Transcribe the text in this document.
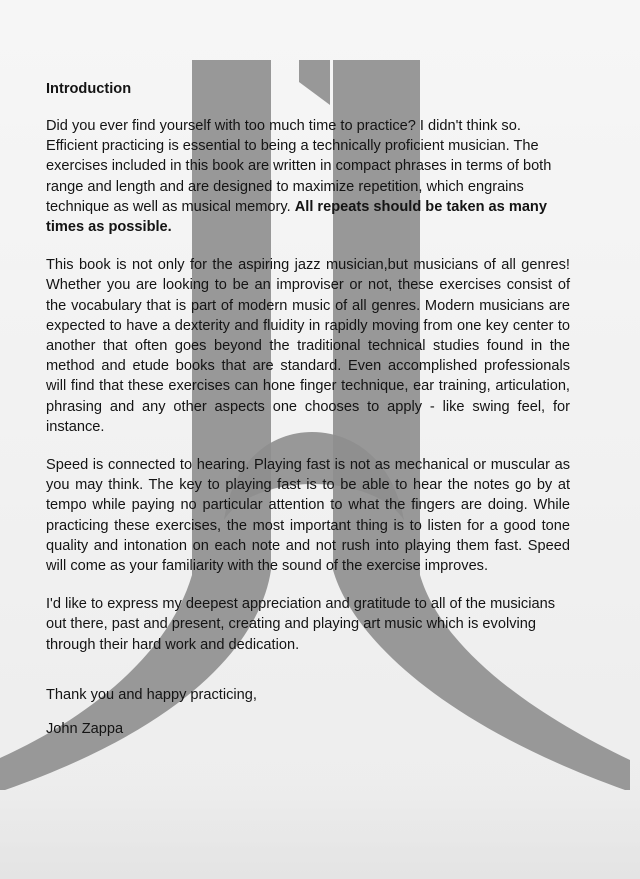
Introduction

Did you ever find yourself with too much time to practice? I didn't think so. Efficient practicing is essential to being a technically proficient musician. The exercises included in this book are written in compact phrases in terms of both range and length and are designed to maximize repetition, which engrains technique as well as musical memory. All repeats should be taken as many times as possible.

This book is not only for the aspiring jazz musician,but musicians of all genres! Whether you are looking to be an improviser or not, these exercises consist of the vocabulary that is part of modern music of all genres. Modern musicians are expected to have a dexterity and fluidity in rapidly moving from one key center to another that often goes beyond the traditional technical studies found in the method and etude books that are standard. Even accomplished professionals will find that these exercises can hone finger technique, ear training, articulation, phrasing and any other aspects one chooses to apply - like swing feel, for instance.

Speed is connected to hearing. Playing fast is not as mechanical or muscular as you may think. The key to playing fast is to be able to hear the notes go by at tempo while paying no particular attention to what the fingers are doing. While practicing these exercises, the most important thing is to listen for a good tone quality and intonation on each note and not rush into playing them fast. Speed will come as your familiarity with the sound of the exercise improves.

I'd like to express my deepest appreciation and gratitude to all of the musicians out there, past and present, creating and playing art music which is evolving through their hard work and dedication.

Thank you and happy practicing,

John Zappa
